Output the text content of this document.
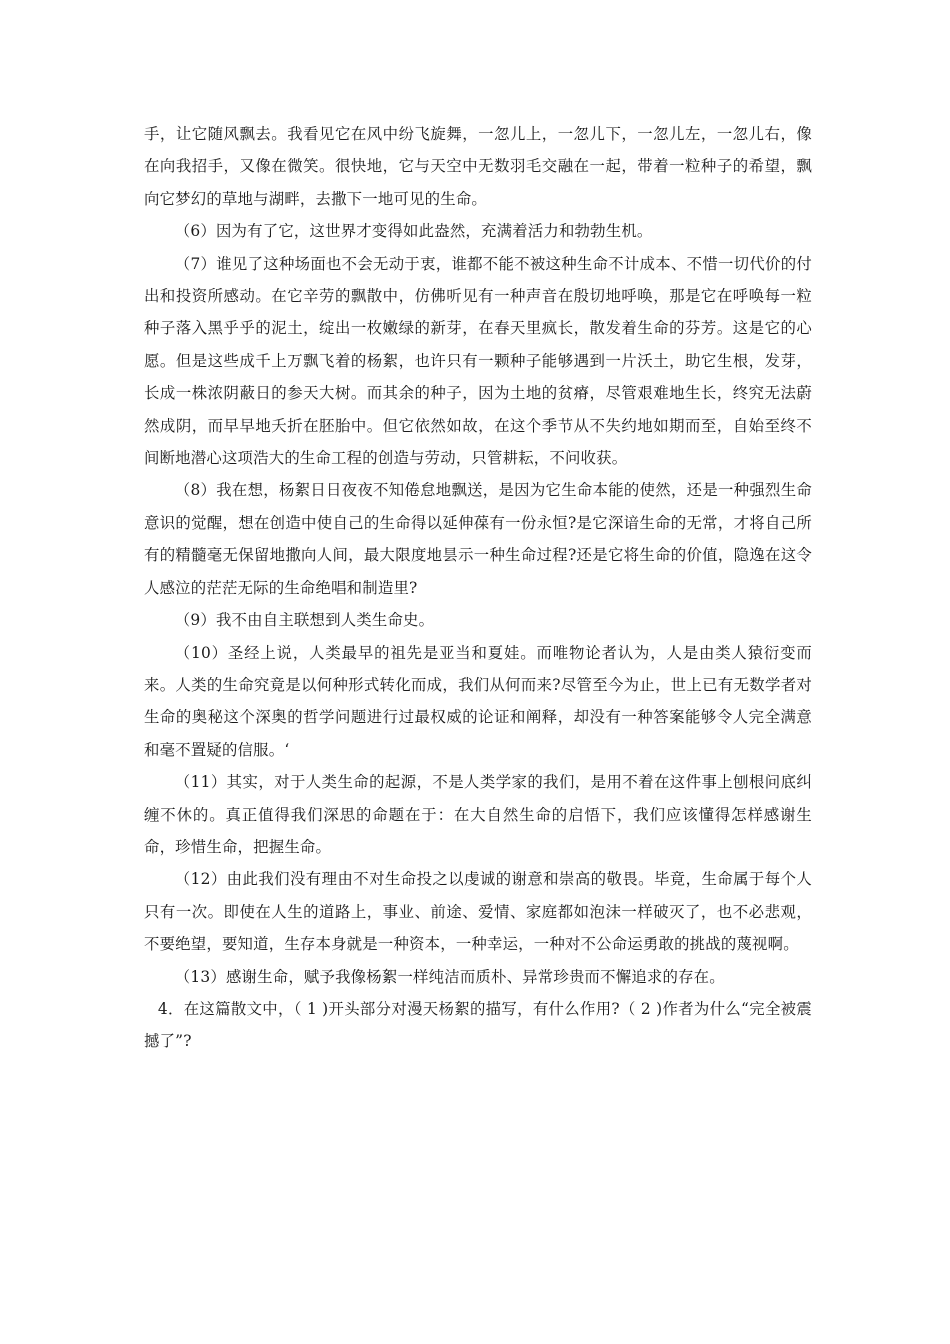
手，让它随风飘去。我看见它在风中纷飞旋舞，一忽儿上，一忽儿下，一忽儿左，一忽儿右，像在向我招手，又像在微笑。很快地，它与天空中无数羽毛交融在一起，带着一粒种子的希望，飘向它梦幻的草地与湖畔，去撒下一地可见的生命。

（6）因为有了它，这世界才变得如此盎然，充满着活力和勃勃生机。

（7）谁见了这种场面也不会无动于衷，谁都不能不被这种生命不计成本、不惜一切代价的付出和投资所感动。在它辛劳的飘散中，仿佛听见有一种声音在殷切地呼唤，那是它在呼唤每一粒种子落入黑乎乎的泥土，绽出一枚嫩绿的新芽，在春天里疯长，散发着生命的芬芳。这是它的心愿。但是这些成千上万飘飞着的杨絮，也许只有一颗种子能够遇到一片沃土，助它生根，发芽，长成一株浓阴蔽日的参天大树。而其余的种子，因为土地的贫瘠，尽管艰难地生长，终究无法蔚然成阴，而早早地夭折在胚胎中。但它依然如故，在这个季节从不失约地如期而至，自始至终不间断地潜心这项浩大的生命工程的创造与劳动，只管耕耘，不问收获。

（8）我在想，杨絮日日夜夜不知倦怠地飘送，是因为它生命本能的使然，还是一种强烈生命意识的觉醒，想在创造中使自己的生命得以延伸葆有一份永恒?是它深谙生命的无常，才将自己所有的精髓毫无保留地撒向人间，最大限度地昙示一种生命过程?还是它将生命的价值，隐逸在这令人感泣的茫茫无际的生命绝唱和制造里?

（9）我不由自主联想到人类生命史。

（10）圣经上说，人类最早的祖先是亚当和夏娃。而唯物论者认为，人是由类人猿衍变而来。人类的生命究竟是以何种形式转化而成，我们从何而来?尽管至今为止，世上已有无数学者对生命的奥秘这个深奥的哲学问题进行过最权威的论证和阐释，却没有一种答案能够令人完全满意和毫不置疑的信服。‘

（11）其实，对于人类生命的起源，不是人类学家的我们，是用不着在这件事上刨根问底纠缠不休的。真正值得我们深思的命题在于：在大自然生命的启悟下，我们应该懂得怎样感谢生命，珍惜生命，把握生命。

（12）由此我们没有理由不对生命投之以虔诚的谢意和崇高的敬畏。毕竟，生命属于每个人只有一次。即使在人生的道路上，事业、前途、爱情、家庭都如泡沫一样破灭了，也不必悲观，不要绝望，要知道，生存本身就是一种资本，一种幸运，一种对不公命运勇敢的挑战的蔑视啊。

（13）感谢生命，赋予我像杨絮一样纯洁而质朴、异常珍贵而不懈追求的存在。

4．在这篇散文中，（ 1 )开头部分对漫天杨絮的描写，有什么作用?（ 2 )作者为什么“完全被震撼了”?
